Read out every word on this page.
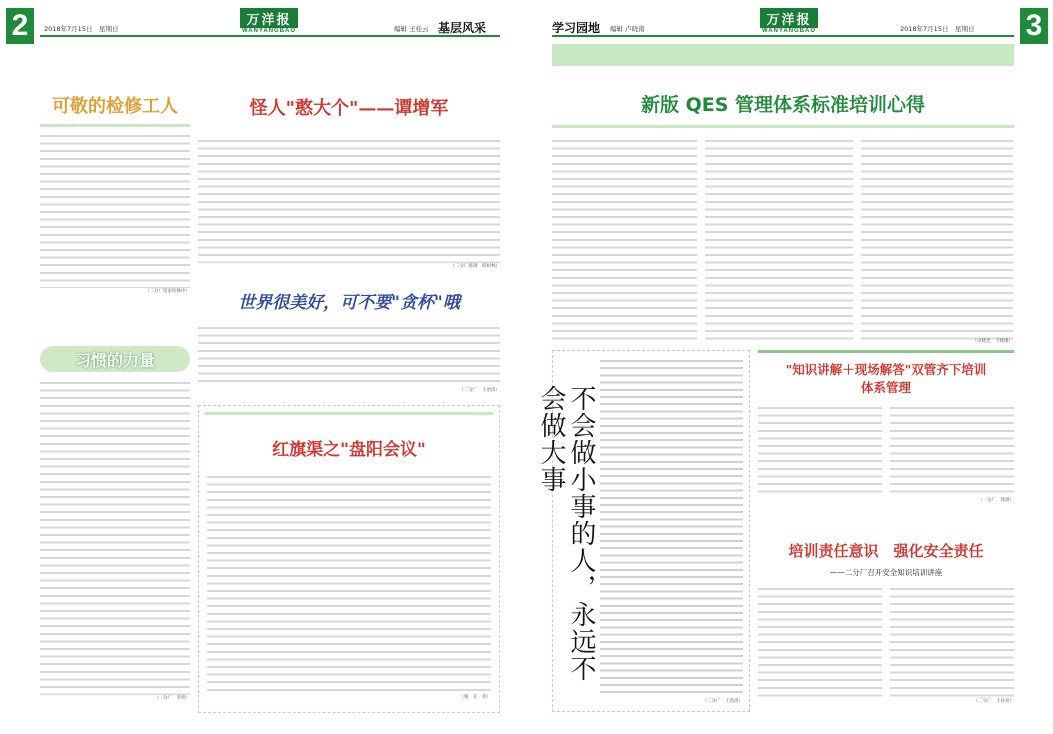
2	2018年7月15日　星期日
万洋报
WANYANGBAO	编辑 王桂云 基层风采	学习园地 编辑 卢晓南
万洋报
WANYANGBAO	2018年7月15日　星期日 3
可敬的检修工人
（二分厂留家检修中）
怪人"憨大个"——谭增军
（二分厂炼钢　邢树林）
世界很美好，可不要"贪杯"哦
（二分厂　王冶清）
习惯的力量
（一分厂　李明）
红旗渠之"盘阳会议"
（银　长　蒋）
新版 QES 管理体系标准培训心得
（卓晓光　王晓瑾）
不会做小事的人，永远不会做大事
（二分厂　王冶清）
"知识讲解＋现场解答"双管齐下培训体系管理
（一分厂　徐澍）
培训责任意识　强化安全责任
——二分厂召开安全知识培训讲座
（二分厂　王祥亮）
